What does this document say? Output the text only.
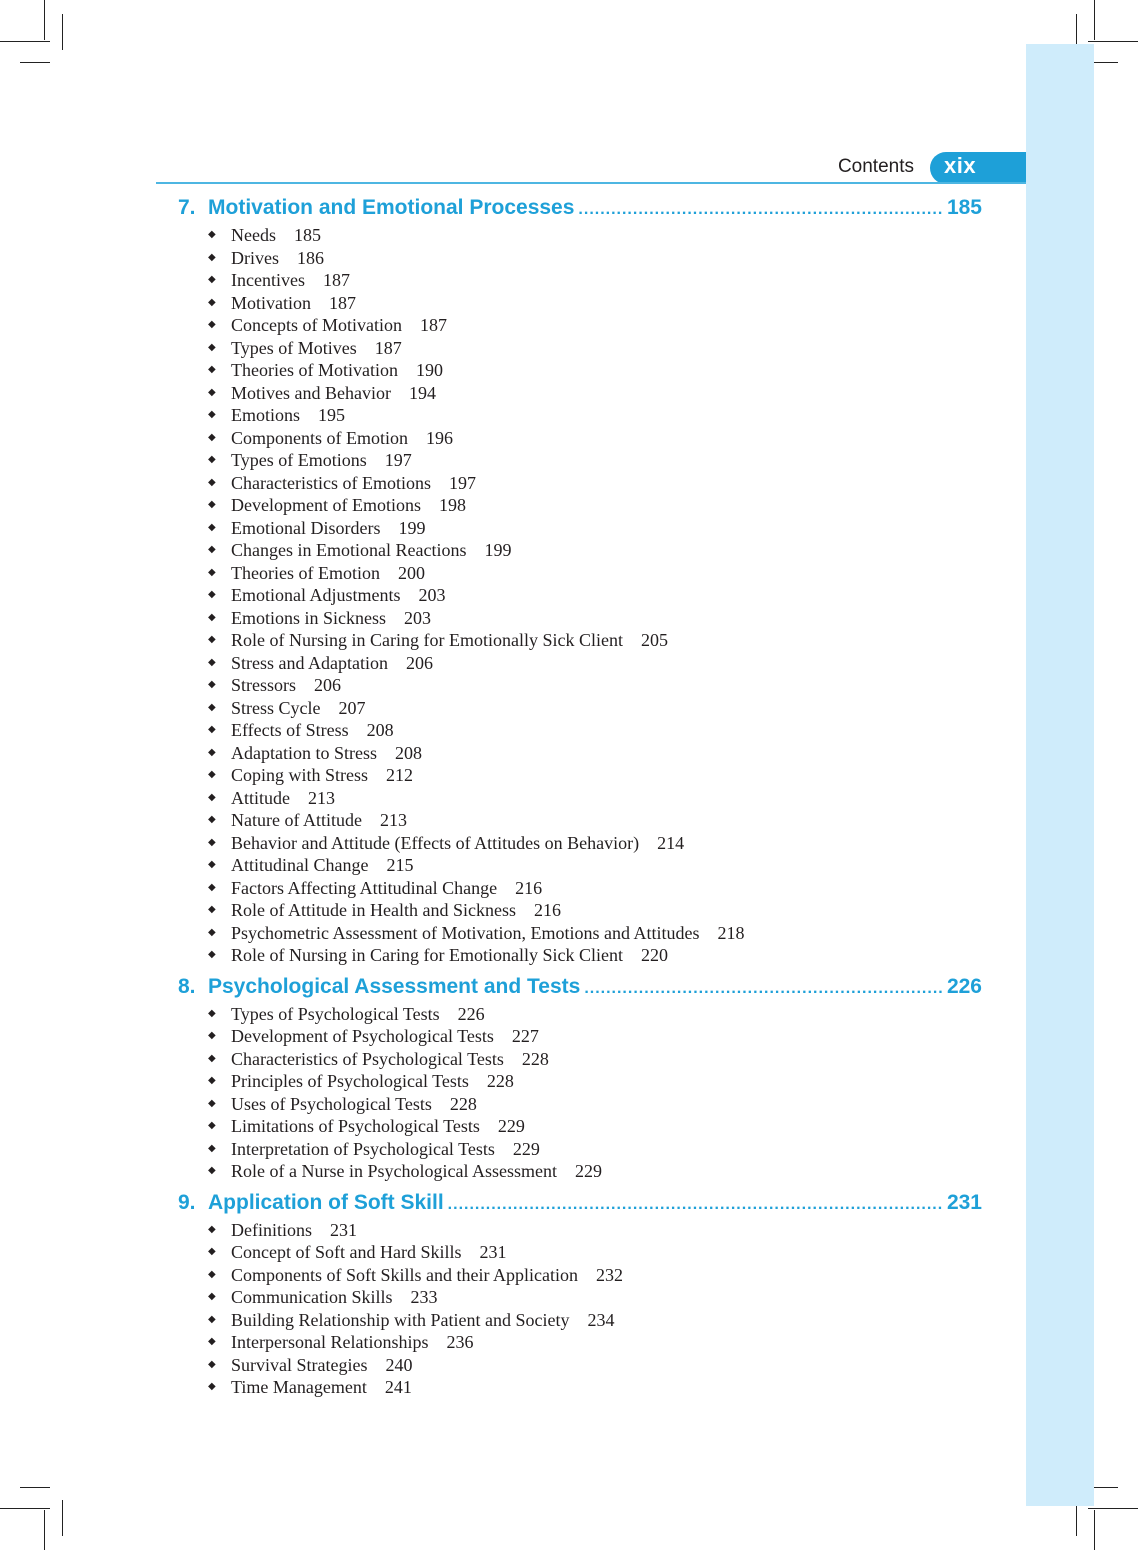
Contents xix
7. Motivation and Emotional Processes .....	185
◆ Needs 185
◆ Drives 186
◆ Incentives 187
◆ Motivation 187
◆ Concepts of Motivation 187
◆ Types of Motives 187
◆ Theories of Motivation 190
◆ Motives and Behavior 194
◆ Emotions 195
◆ Components of Emotion 196
◆ Types of Emotions 197
◆ Characteristics of Emotions 197
◆ Development of Emotions 198
◆ Emotional Disorders 199
◆ Changes in Emotional Reactions 199
◆ Theories of Emotion 200
◆ Emotional Adjustments 203
◆ Emotions in Sickness 203
◆ Role of Nursing in Caring for Emotionally Sick Client 205
◆ Stress and Adaptation 206
◆ Stressors 206
◆ Stress Cycle 207
◆ Effects of Stress 208
◆ Adaptation to Stress 208
◆ Coping with Stress 212
◆ Attitude 213
◆ Nature of Attitude 213
◆ Behavior and Attitude (Effects of Attitudes on Behavior) 214
◆ Attitudinal Change 215
◆ Factors Affecting Attitudinal Change 216
◆ Role of Attitude in Health and Sickness 216
◆ Psychometric Assessment of Motivation, Emotions and Attitudes 218
◆ Role of Nursing in Caring for Emotionally Sick Client 220
8. Psychological Assessment and Tests .....	226
◆ Types of Psychological Tests 226
◆ Development of Psychological Tests 227
◆ Characteristics of Psychological Tests 228
◆ Principles of Psychological Tests 228
◆ Uses of Psychological Tests 228
◆ Limitations of Psychological Tests 229
◆ Interpretation of Psychological Tests 229
◆ Role of a Nurse in Psychological Assessment 229
9. Application of Soft Skill .....	231
◆ Definitions 231
◆ Concept of Soft and Hard Skills 231
◆ Components of Soft Skills and their Application 232
◆ Communication Skills 233
◆ Building Relationship with Patient and Society 234
◆ Interpersonal Relationships 236
◆ Survival Strategies 240
◆ Time Management 241
